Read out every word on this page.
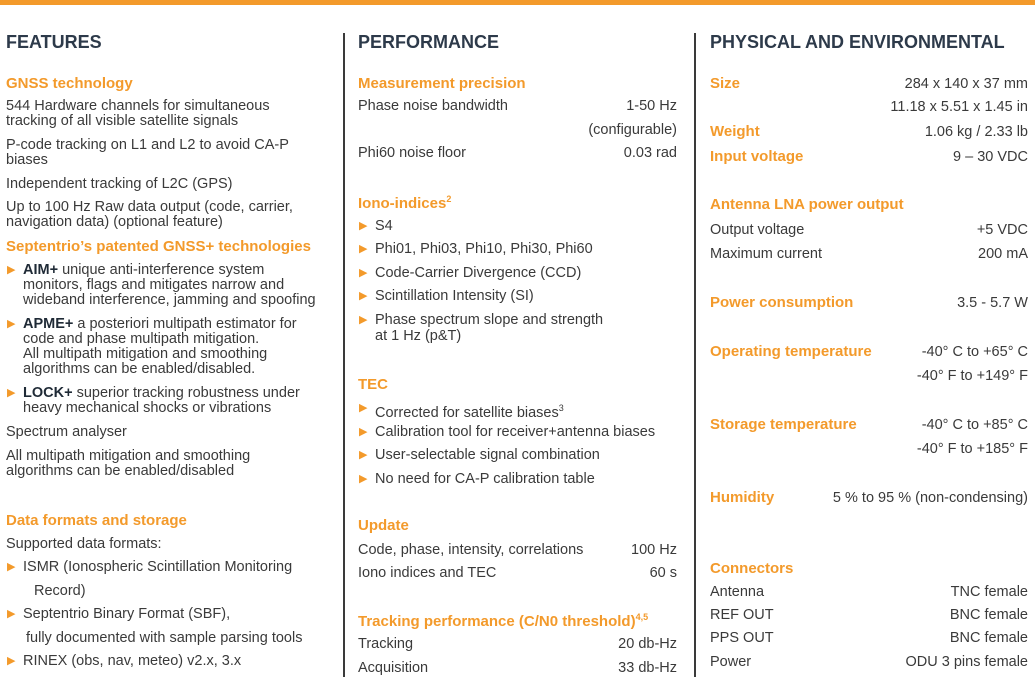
FEATURES
GNSS technology
544 Hardware channels for simultaneous
tracking of all visible satellite signals
P-code tracking on L1 and L2 to avoid CA-P
biases
Independent tracking of L2C (GPS)
Up to 100 Hz Raw data output (code, carrier,
navigation data) (optional feature)
Septentrio’s patented GNSS+ technologies
▶ AIM+ unique anti-interference system
monitors, flags and mitigates narrow and
wideband interference, jamming and spoofing
▶ APME+ a posteriori multipath estimator for
code and phase multipath mitigation.
All multipath mitigation and smoothing
algorithms can be enabled/disabled.
▶ LOCK+ superior tracking robustness under
heavy mechanical shocks or vibrations
Spectrum analyser
All multipath mitigation and smoothing
algorithms can be enabled/disabled
Data formats and storage
Supported data formats:
▶ ISMR (Ionospheric Scintillation Monitoring
Record)
▶ Septentrio Binary Format (SBF),
fully documented with sample parsing tools
▶ RINEX (obs, nav, meteo) v2.x, 3.x
PERFORMANCE
Measurement precision
Phase noise bandwidth	1-50 Hz
(configurable)
Phi60 noise floor	0.03 rad
Iono-indices$^2$
▶ S4
▶ Phi01, Phi03, Phi10, Phi30, Phi60
▶ Code-Carrier Divergence (CCD)
▶ Scintillation Intensity (SI)
▶ Phase spectrum slope and strength
at 1 Hz (p&T)
TEC
▶ Corrected for satellite biases$^3$
▶ Calibration tool for receiver+antenna biases
▶ User-selectable signal combination
▶ No need for CA-P calibration table
Update
Code, phase, intensity, correlations	100 Hz
Iono indices and TEC	60 s
Tracking performance (C/N0 threshold)$^{4,5}$
Tracking	20 db-Hz
Acquisition	33 db-Hz
PHYSICAL AND ENVIRONMENTAL
Size	284 x 140 x 37 mm
11.18 x 5.51 x 1.45 in
Weight	1.06 kg / 2.33 lb
Input voltage	9 – 30 VDC
Antenna LNA power output
Output voltage	+5 VDC
Maximum current	200 mA
Power consumption	3.5 - 5.7 W
Operating temperature	-40° C to +65° C
-40° F to +149° F
Storage temperature	-40° C to +85° C
-40° F to +185° F
Humidity	5 % to 95 % (non-condensing)
Connectors
Antenna	TNC female
REF OUT	BNC female
PPS OUT	BNC female
Power	ODU 3 pins female
